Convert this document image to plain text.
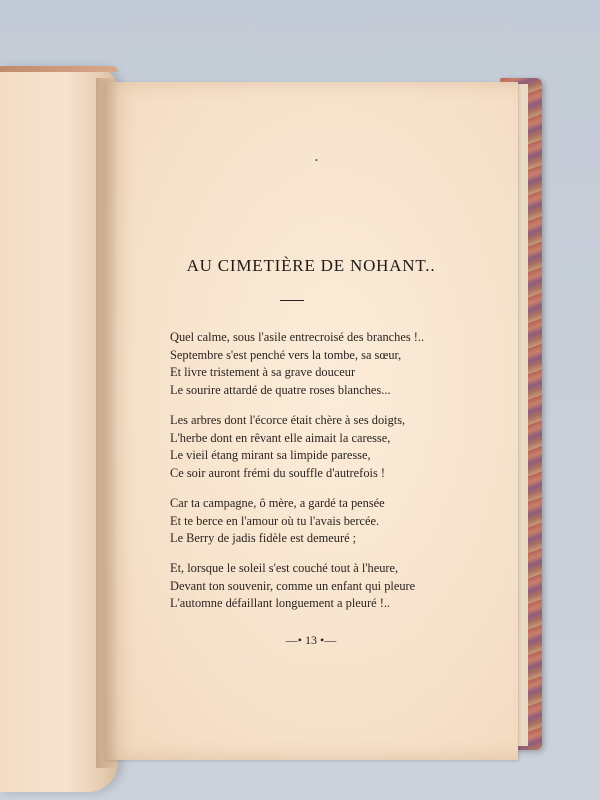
•
AU CIMETIÈRE DE NOHANT..
Quel calme, sous l'asile entrecroisé des branches !..
Septembre s'est penché vers la tombe, sa sœur,
Et livre tristement à sa grave douceur
Le sourire attardé de quatre roses blanches...
Les arbres dont l'écorce était chère à ses doigts,
L'herbe dont en rêvant elle aimait la caresse,
Le vieil étang mirant sa limpide paresse,
Ce soir auront frémi du souffle d'autrefois !
Car ta campagne, ô mère, a gardé ta pensée
Et te berce en l'amour où tu l'avais bercée.
Le Berry de jadis fidèle est demeuré ;
Et, lorsque le soleil s'est couché tout à l'heure,
Devant ton souvenir, comme un enfant qui pleure
L'automne défaillant longuement a pleuré !..
—• 13 •—
